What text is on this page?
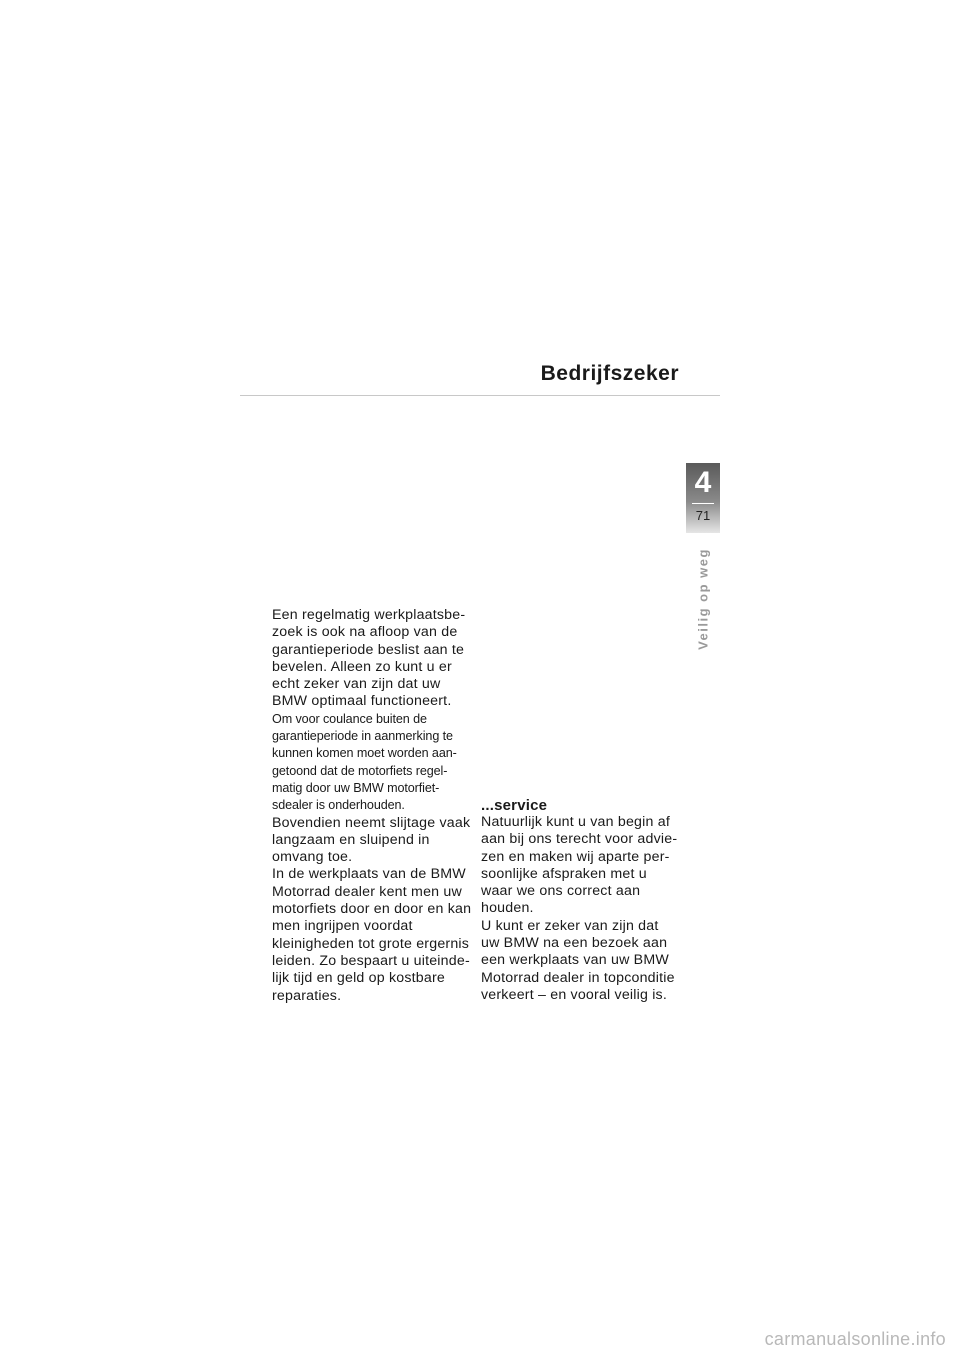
Bedrijfszeker
4
71
Veilig op weg

Een regelmatig werkplaatsbezoek is ook na afloop van de garantieperiode beslist aan te bevelen. Alleen zo kunt u er echt zeker van zijn dat uw BMW optimaal functioneert.

Om voor coulance buiten de garantieperiode in aanmerking te kunnen komen moet worden aangetoond dat de motorfiets regelmatig door uw BMW motorfietsdealer is onderhouden.

Bovendien neemt slijtage vaak langzaam en sluipend in omvang toe.

In de werkplaats van de BMW Motorrad dealer kent men uw motorfiets door en door en kan men ingrijpen voordat kleinigheden tot grote ergernis leiden. Zo bespaart u uiteindelijk tijd en geld op kostbare reparaties.

...service

Natuurlijk kunt u van begin af aan bij ons terecht voor adviezen en maken wij aparte persoonlijke afspraken met u waar we ons correct aan houden.

U kunt er zeker van zijn dat uw BMW na een bezoek aan een werkplaats van uw BMW Motorrad dealer in topconditie verkeert – en vooral veilig is.

carmanualsonline.info
